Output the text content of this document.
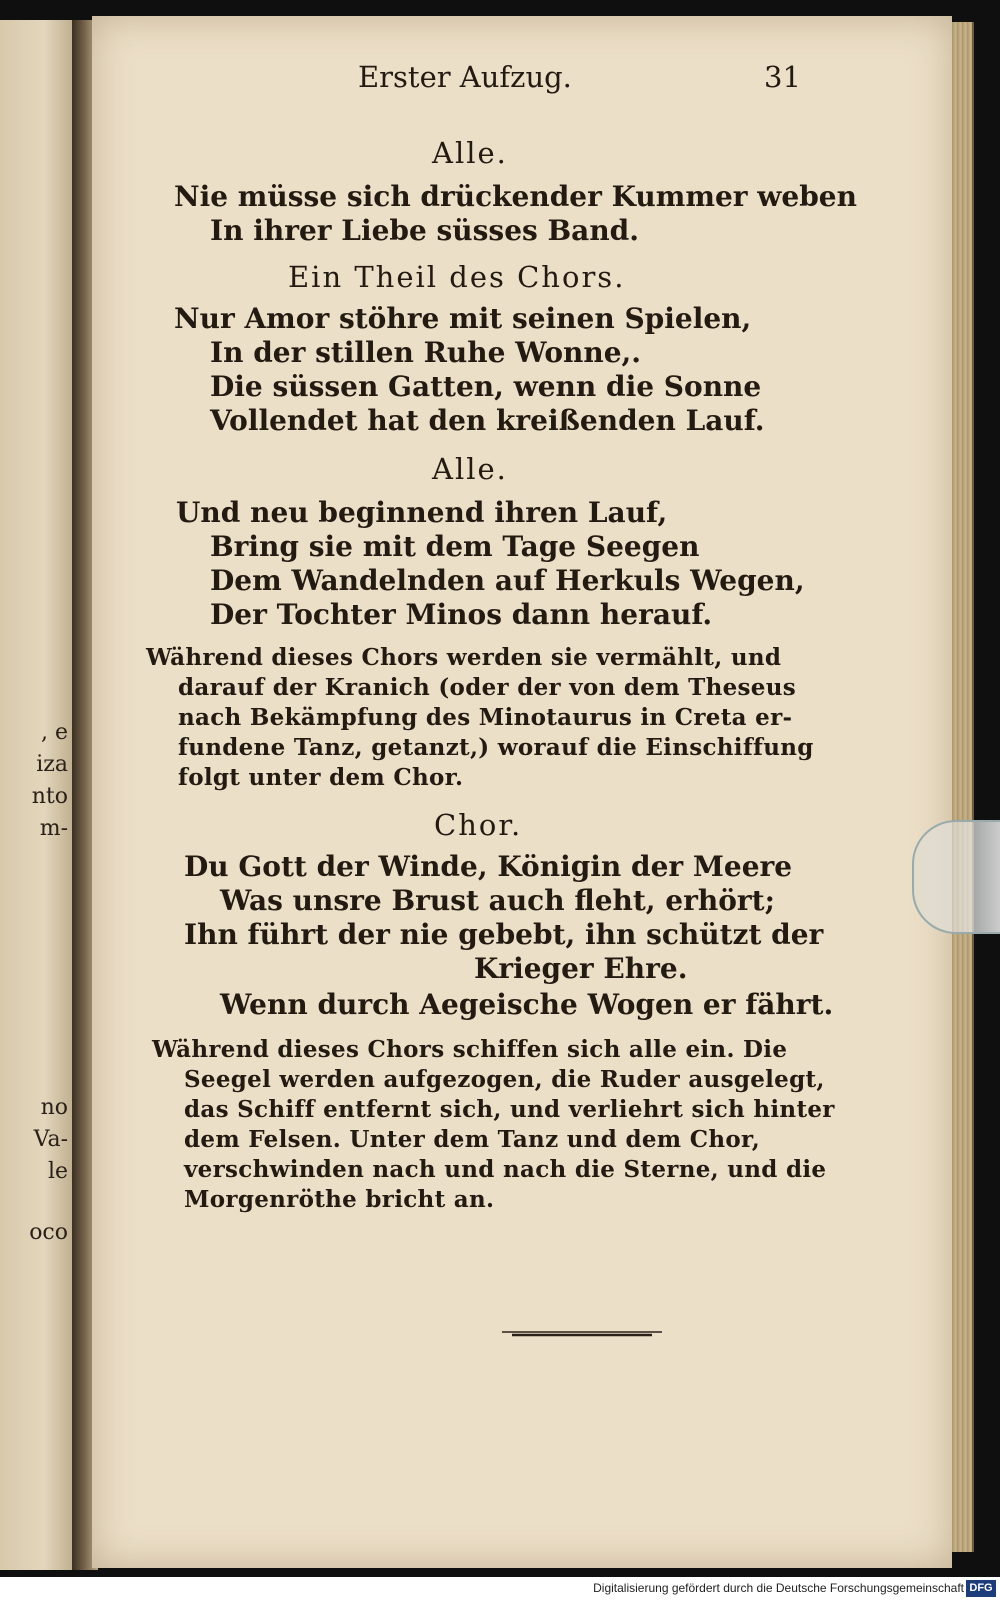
, e
iza
nto
m-
no
Va-
le
oco
Erster Aufzug.	31
Alle.
Nie müsse sich drückender Kummer weben
In ihrer Liebe süsses Band.
Ein Theil des Chors.
Nur Amor stöhre mit seinen Spielen,
In der stillen Ruhe Wonne,.
Die süssen Gatten, wenn die Sonne
Vollendet hat den kreißenden Lauf.
Alle.
Und neu beginnend ihren Lauf,
Bring sie mit dem Tage Seegen
Dem Wandelnden auf Herkuls Wegen,
Der Tochter Minos dann herauf.
Während dieses Chors werden sie vermählt, und
darauf der Kranich (oder der von dem Theseus
nach Bekämpfung des Minotaurus in Creta er-
fundene Tanz, getanzt,) worauf die Einschiffung
folgt unter dem Chor.
Chor.
Du Gott der Winde, Königin der Meere
Was unsre Brust auch fleht, erhört;
Ihn führt der nie gebebt, ihn schützt der
Krieger Ehre.
Wenn durch Aegeische Wogen er fährt.
Während dieses Chors schiffen sich alle ein. Die
Seegel werden aufgezogen, die Ruder ausgelegt,
das Schiff entfernt sich, und verliehrt sich hinter
dem Felsen. Unter dem Tanz und dem Chor,
verschwinden nach und nach die Sterne, und die
Morgenröthe bricht an.
Digitalisierung gefördert durch die Deutsche Forschungsgemeinschaft DFG
